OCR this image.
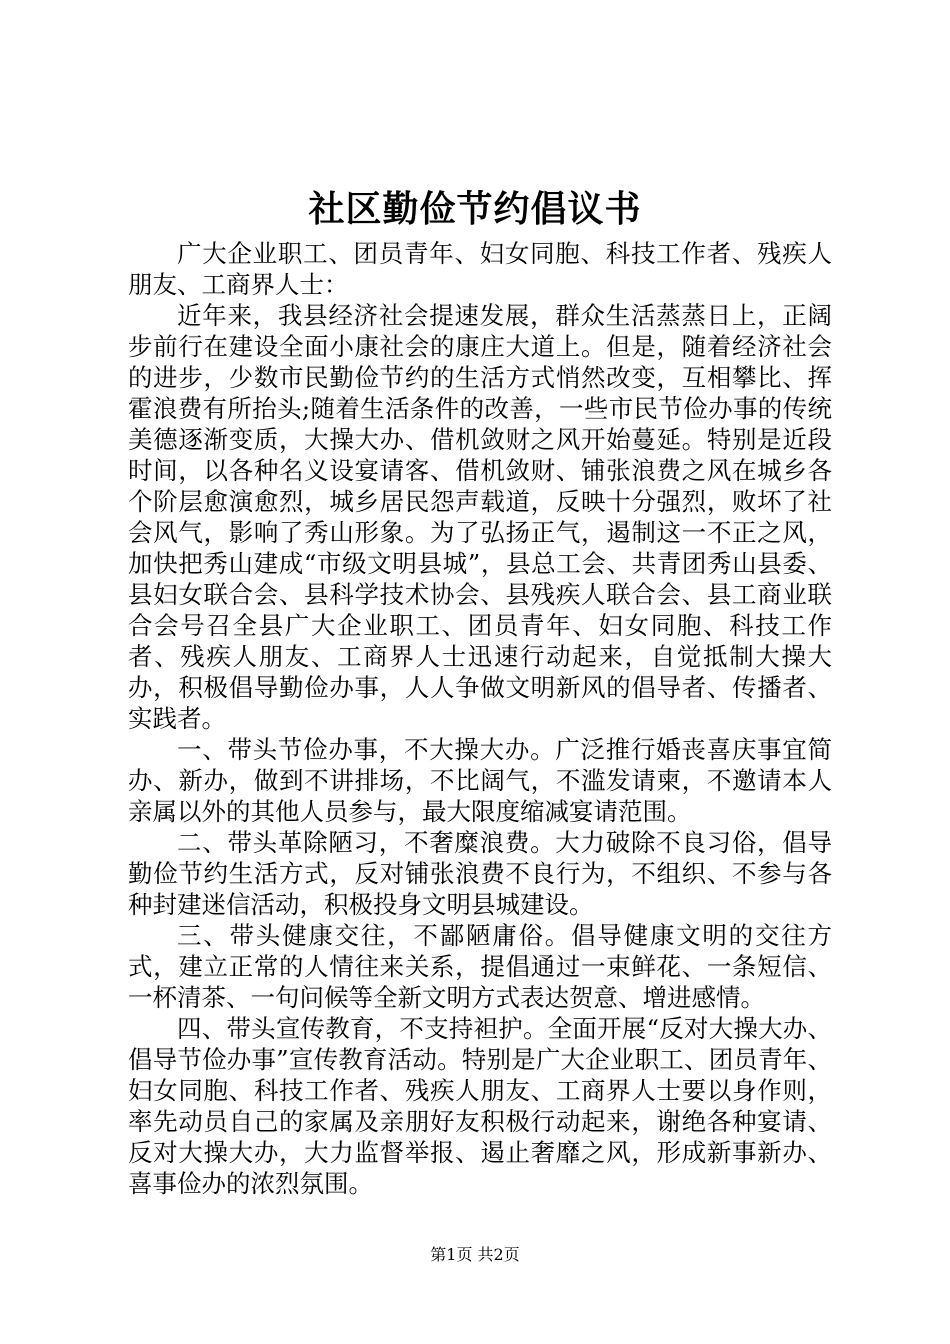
社区勤俭节约倡议书

广大企业职工、团员青年、妇女同胞、科技工作者、残疾人朋友、工商界人士：

近年来，我县经济社会提速发展，群众生活蒸蒸日上，正阔步前行在建设全面小康社会的康庄大道上。但是，随着经济社会的进步，少数市民勤俭节约的生活方式悄然改变，互相攀比、挥霍浪费有所抬头;随着生活条件的改善，一些市民节俭办事的传统美德逐渐变质，大操大办、借机敛财之风开始蔓延。特别是近段时间，以各种名义设宴请客、借机敛财、铺张浪费之风在城乡各个阶层愈演愈烈，城乡居民怨声载道，反映十分强烈，败坏了社会风气，影响了秀山形象。为了弘扬正气，遏制这一不正之风，加快把秀山建成“市级文明县城”，县总工会、共青团秀山县委、县妇女联合会、县科学技术协会、县残疾人联合会、县工商业联合会号召全县广大企业职工、团员青年、妇女同胞、科技工作者、残疾人朋友、工商界人士迅速行动起来，自觉抵制大操大办，积极倡导勤俭办事，人人争做文明新风的倡导者、传播者、实践者。

一、带头节俭办事，不大操大办。广泛推行婚丧喜庆事宜简办、新办，做到不讲排场，不比阔气，不滥发请柬，不邀请本人亲属以外的其他人员参与，最大限度缩减宴请范围。

二、带头革除陋习，不奢糜浪费。大力破除不良习俗，倡导勤俭节约生活方式，反对铺张浪费不良行为，不组织、不参与各种封建迷信活动，积极投身文明县城建设。

三、带头健康交往，不鄙陋庸俗。倡导健康文明的交往方式，建立正常的人情往来关系，提倡通过一束鲜花、一条短信、一杯清茶、一句问候等全新文明方式表达贺意、增进感情。

四、带头宣传教育，不支持袒护。全面开展“反对大操大办、倡导节俭办事”宣传教育活动。特别是广大企业职工、团员青年、妇女同胞、科技工作者、残疾人朋友、工商界人士要以身作则，率先动员自己的家属及亲朋好友积极行动起来，谢绝各种宴请、反对大操大办，大力监督举报、遏止奢靡之风，形成新事新办、喜事俭办的浓烈氛围。

第1页 共2页
